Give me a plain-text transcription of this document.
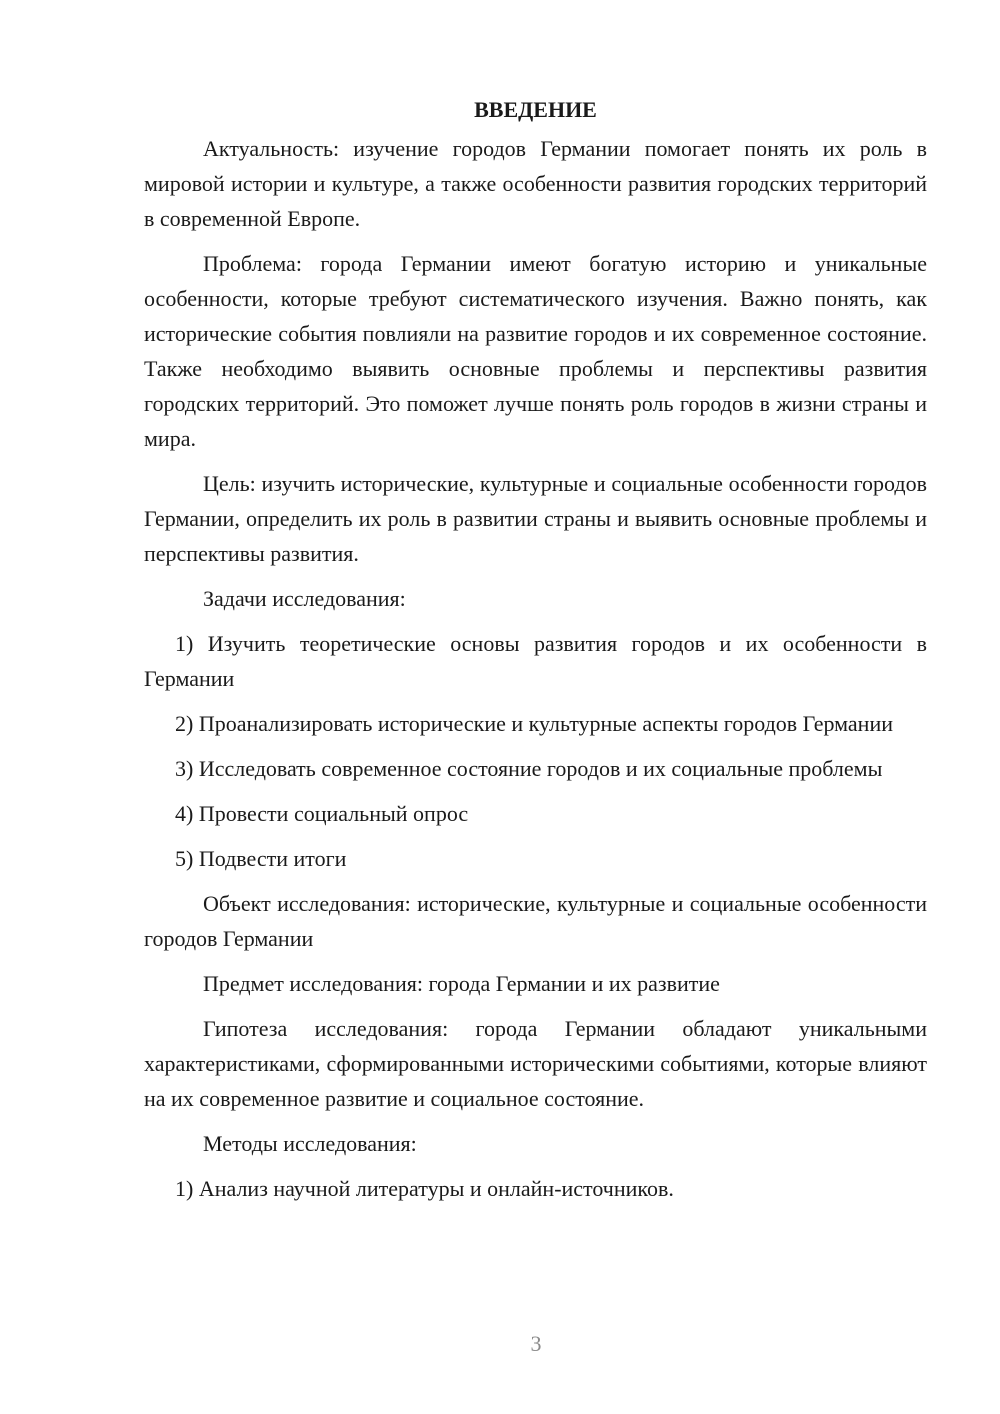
ВВЕДЕНИЕ

Актуальность: изучение городов Германии помогает понять их роль в мировой истории и культуре, а также особенности развития городских территорий в современной Европе.

Проблема: города Германии имеют богатую историю и уникальные особенности, которые требуют систематического изучения. Важно понять, как исторические события повлияли на развитие городов и их современное состояние. Также необходимо выявить основные проблемы и перспективы развития городских территорий. Это поможет лучше понять роль городов в жизни страны и мира.

Цель: изучить исторические, культурные и социальные особенности городов Германии, определить их роль в развитии страны и выявить основные проблемы и перспективы развития.

Задачи исследования:

1) Изучить теоретические основы развития городов и их особенности в Германии

2) Проанализировать исторические и культурные аспекты городов Германии

3) Исследовать современное состояние городов и их социальные проблемы

4) Провести социальный опрос

5) Подвести итоги

Объект исследования: исторические, культурные и социальные особенности городов Германии

Предмет исследования: города Германии и их развитие

Гипотеза исследования: города Германии обладают уникальными характеристиками, сформированными историческими событиями, которые влияют на их современное развитие и социальное состояние.

Методы исследования:

1) Анализ научной литературы и онлайн-источников.

3
